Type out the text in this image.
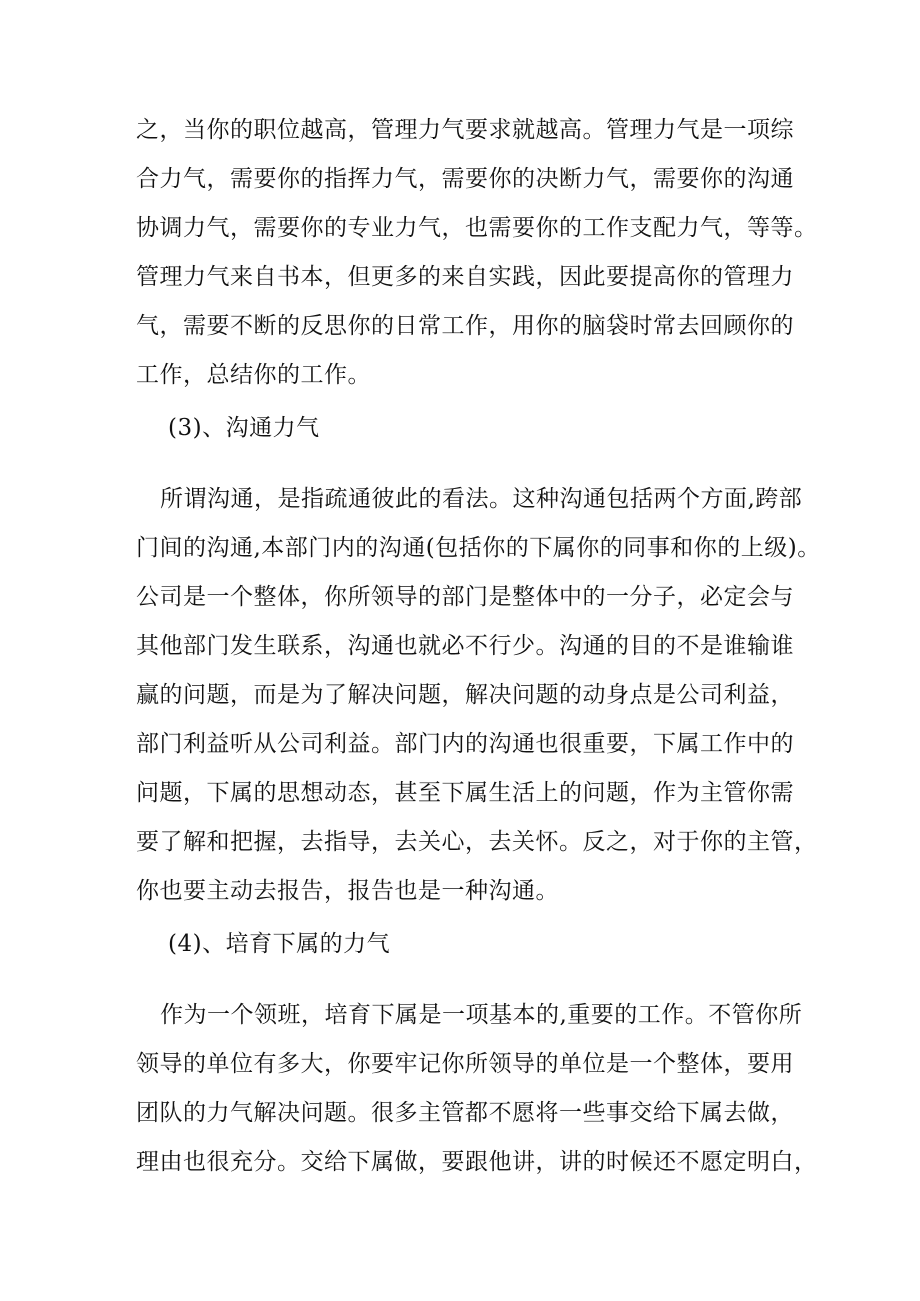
之，当你的职位越高，管理力气要求就越高。管理力气是一项综
合力气，需要你的指挥力气，需要你的决断力气，需要你的沟通
协调力气，需要你的专业力气，也需要你的工作支配力气，等等。
管理力气来自书本，但更多的来自实践，因此要提高你的管理力
气，需要不断的反思你的日常工作，用你的脑袋时常去回顾你的
工作，总结你的工作。
(3)、沟通力气
所谓沟通，是指疏通彼此的看法。这种沟通包括两个方面,跨部
门间的沟通,本部门内的沟通(包括你的下属你的同事和你的上级)。
公司是一个整体，你所领导的部门是整体中的一分子，必定会与
其他部门发生联系，沟通也就必不行少。沟通的目的不是谁输谁
赢的问题，而是为了解决问题，解决问题的动身点是公司利益，
部门利益听从公司利益。部门内的沟通也很重要，下属工作中的
问题，下属的思想动态，甚至下属生活上的问题，作为主管你需
要了解和把握，去指导，去关心，去关怀。反之，对于你的主管，
你也要主动去报告，报告也是一种沟通。
(4)、培育下属的力气
作为一个领班，培育下属是一项基本的,重要的工作。不管你所
领导的单位有多大，你要牢记你所领导的单位是一个整体，要用
团队的力气解决问题。很多主管都不愿将一些事交给下属去做，
理由也很充分。交给下属做，要跟他讲，讲的时候还不愿定明白，
